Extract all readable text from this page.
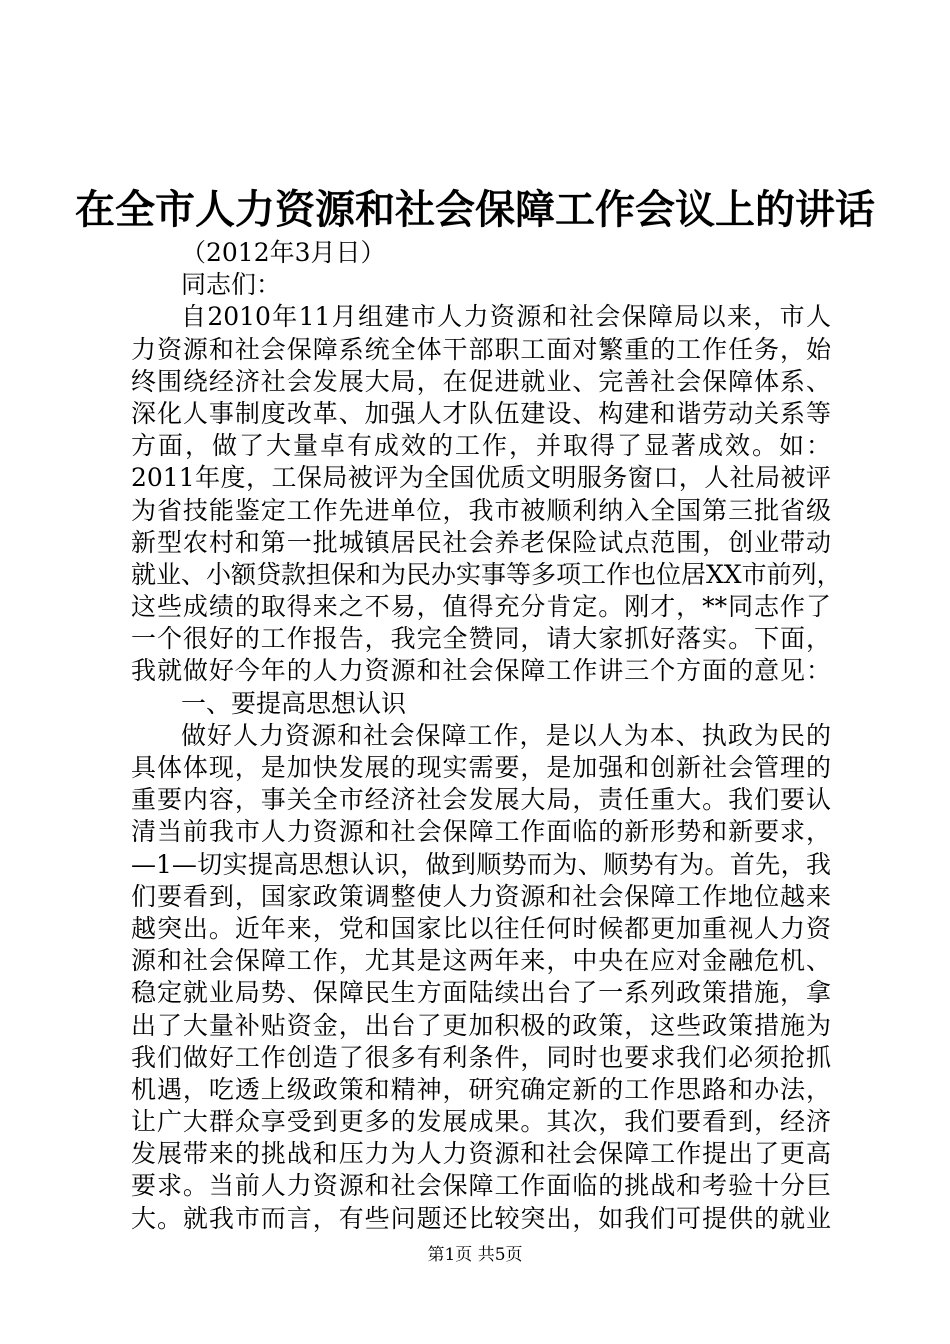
在全市人力资源和社会保障工作会议上的讲话
（2012年3月日）
同志们：
自2010年11月组建市人力资源和社会保障局以来，市人
力资源和社会保障系统全体干部职工面对繁重的工作任务，始
终围绕经济社会发展大局，在促进就业、完善社会保障体系、
深化人事制度改革、加强人才队伍建设、构建和谐劳动关系等
方面，做了大量卓有成效的工作，并取得了显著成效。如：
2011年度，工保局被评为全国优质文明服务窗口，人社局被评
为省技能鉴定工作先进单位，我市被顺利纳入全国第三批省级
新型农村和第一批城镇居民社会养老保险试点范围，创业带动
就业、小额贷款担保和为民办实事等多项工作也位居XX市前列，
这些成绩的取得来之不易，值得充分肯定。刚才，**同志作了
一个很好的工作报告，我完全赞同，请大家抓好落实。下面，
我就做好今年的人力资源和社会保障工作讲三个方面的意见：
一、要提高思想认识
做好人力资源和社会保障工作，是以人为本、执政为民的
具体体现，是加快发展的现实需要，是加强和创新社会管理的
重要内容，事关全市经济社会发展大局，责任重大。我们要认
清当前我市人力资源和社会保障工作面临的新形势和新要求，
—1—切实提高思想认识，做到顺势而为、顺势有为。首先，我
们要看到，国家政策调整使人力资源和社会保障工作地位越来
越突出。近年来，党和国家比以往任何时候都更加重视人力资
源和社会保障工作，尤其是这两年来，中央在应对金融危机、
稳定就业局势、保障民生方面陆续出台了一系列政策措施，拿
出了大量补贴资金，出台了更加积极的政策，这些政策措施为
我们做好工作创造了很多有利条件，同时也要求我们必须抢抓
机遇，吃透上级政策和精神，研究确定新的工作思路和办法，
让广大群众享受到更多的发展成果。其次，我们要看到，经济
发展带来的挑战和压力为人力资源和社会保障工作提出了更高
要求。当前人力资源和社会保障工作面临的挑战和考验十分巨
大。就我市而言，有些问题还比较突出，如我们可提供的就业
第1页 共5页
